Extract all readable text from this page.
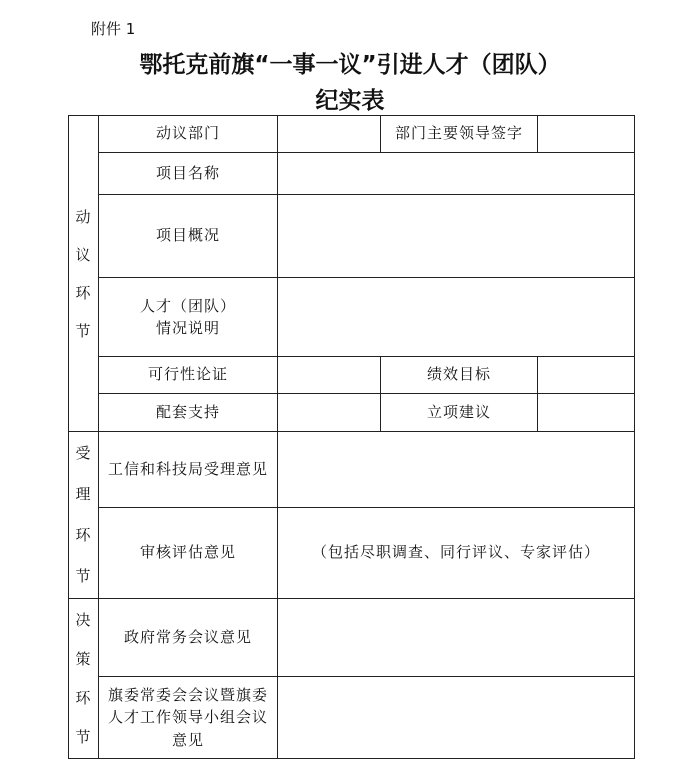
附件 1
鄂托克前旗“一事一议”引进人才（团队）
纪实表
动
议
环
节	动议部门		部门主要领导签字	
	项目名称			
	项目概况			

	人才（团队）
情况说明			

	可行性论证		绩效目标	
	配套支持		立项建议	

受
理
环
节	工信和科技局受理意见			
	审核评估意见	（包括尽职调查、同行评议、专家评估）		

决
策
环
节	政府常务会议意见			

	旗委常委会会议暨旗委
人才工作领导小组会议
意见			
